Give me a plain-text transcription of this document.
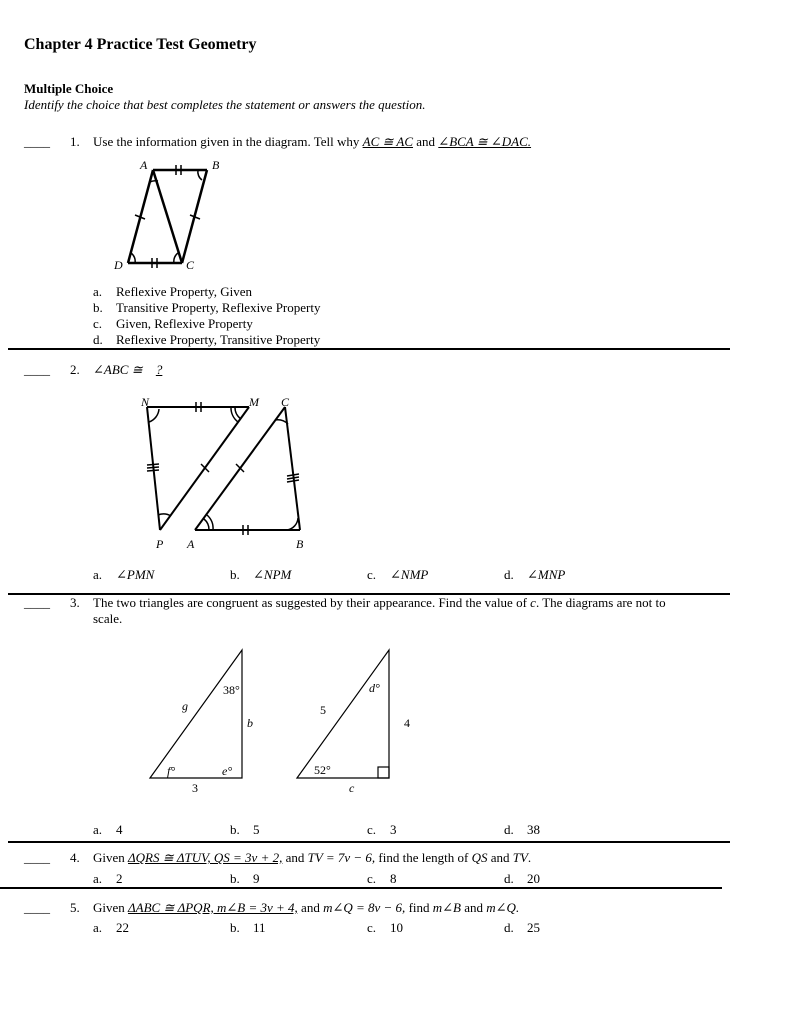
Chapter 4 Practice Test Geometry
Multiple Choice
Identify the choice that best completes the statement or answers the question.
____ 1. Use the information given in the diagram. Tell why AC ≅ AC and ∠BCA ≅ ∠DAC.
A	B
C
D
a. Reflexive Property, Given
b. Transitive Property, Reflexive Property
c. Given, Reflexive Property
d. Reflexive Property, Transitive Property
____ 2. ∠ABC ≅ ?
N	M C
P A	B
a. ∠PMN	b. ∠NPM	c. ∠NMP	d. ∠MNP
____ 3. The two triangles are congruent as suggested by their appearance. Find the value of c. The diagrams are not to
scale.
38°
g
b
f°	e°
3
d°
5
4
52°
c
a. 4	b. 5	c. 3	d. 38
____ 4. Given ΔQRS ≅ ΔTUV, QS = 3v + 2, and TV = 7v − 6, find the length of QS and TV.
a. 2	b. 9	c. 8	d. 20
____ 5. Given ΔABC ≅ ΔPQR, m∠B = 3v + 4, and m∠Q = 8v − 6, find m∠B and m∠Q.
a. 22	b. 11	c. 10	d. 25
